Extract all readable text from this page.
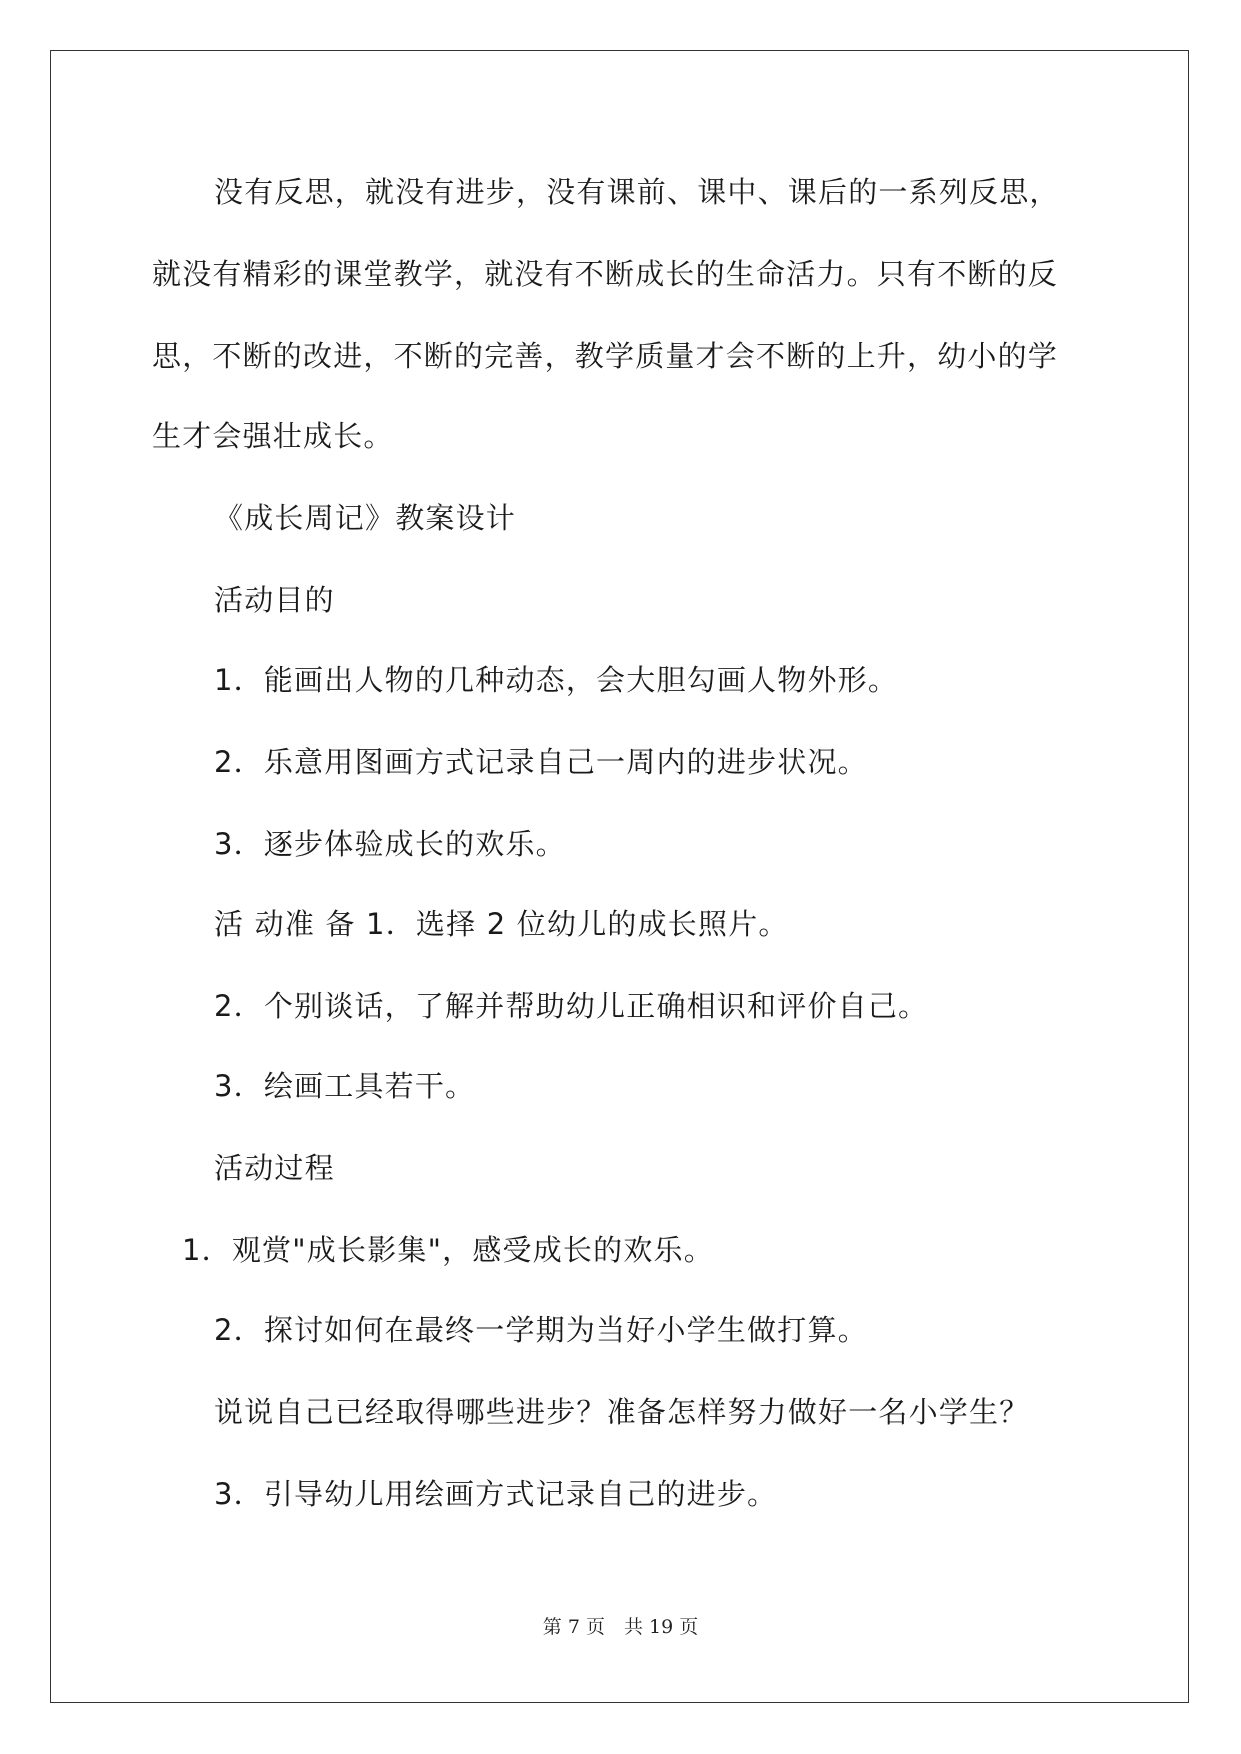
没有反思，就没有进步，没有课前、课中、课后的一系列反思，
就没有精彩的课堂教学，就没有不断成长的生命活力。只有不断的反
思，不断的改进，不断的完善，教学质量才会不断的上升，幼小的学
生才会强壮成长。
《成长周记》教案设计
活动目的
1．能画出人物的几种动态，会大胆勾画人物外形。
2．乐意用图画方式记录自己一周内的进步状况。
3．逐步体验成长的欢乐。
活 动准 备 1．选择 2 位幼儿的成长照片。
2．个别谈话，了解并帮助幼儿正确相识和评价自己。
3．绘画工具若干。
活动过程
1．观赏"成长影集"，感受成长的欢乐。
2．探讨如何在最终一学期为当好小学生做打算。
说说自己已经取得哪些进步？准备怎样努力做好一名小学生？
3．引导幼儿用绘画方式记录自己的进步。
第 7 页　共 19 页
